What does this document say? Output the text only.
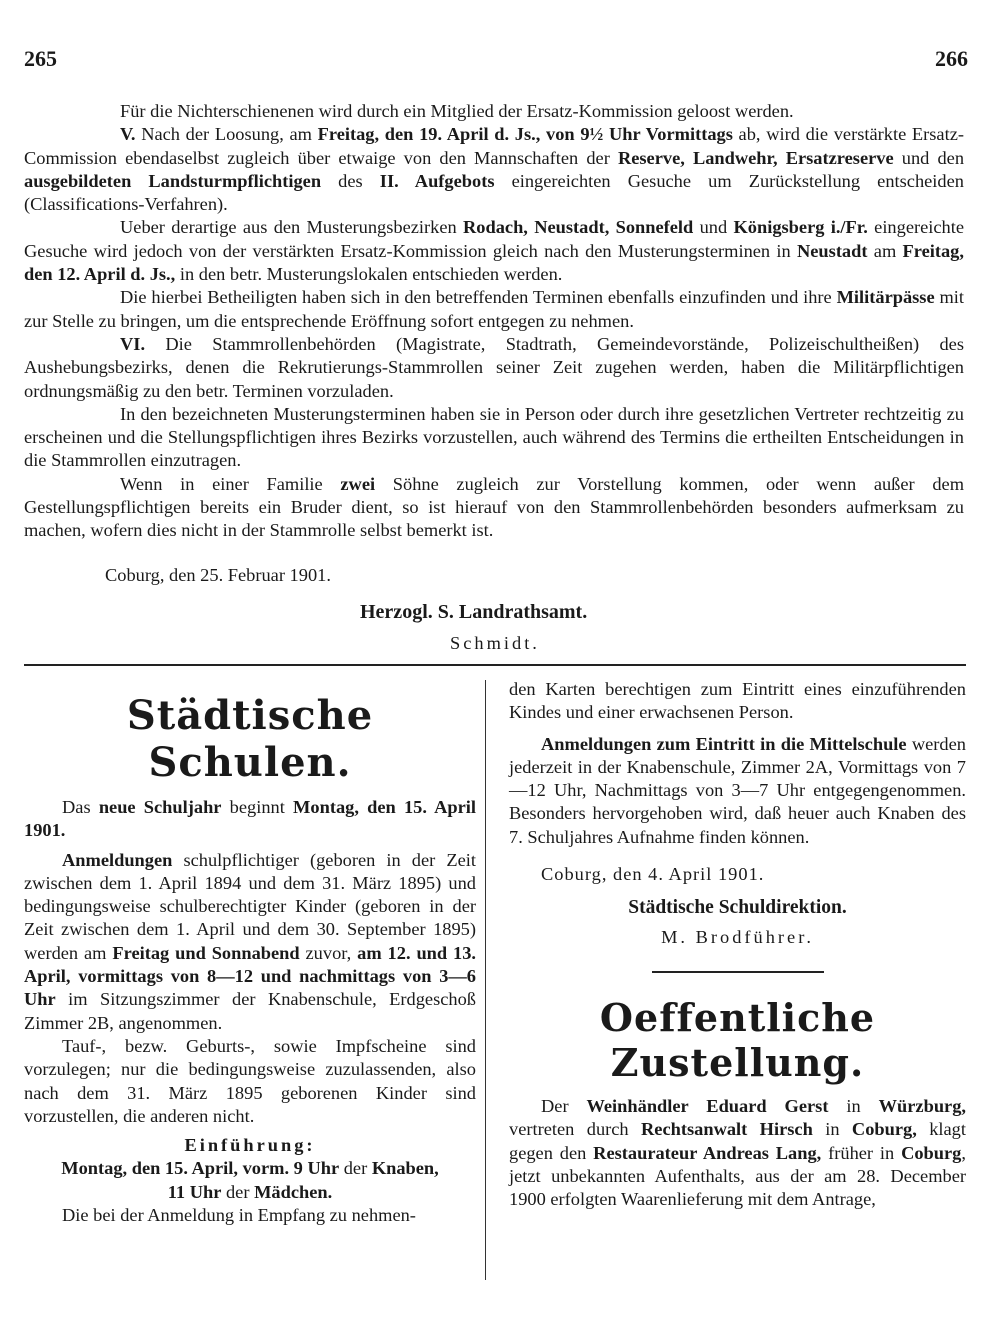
265	266

Für die Nichterschienenen wird durch ein Mitglied der Ersatz-Kommission geloost werden.

V. Nach der Loosung, am Freitag, den 19. April d. Js., von 9½ Uhr Vormittags ab, wird die verstärkte Ersatz-Commission ebendaselbst zugleich über etwaige von den Mannschaften der Reserve, Landwehr, Ersatzreserve und den ausgebildeten Landsturmpflichtigen des II. Aufgebots eingereichten Gesuche um Zurückstellung entscheiden (Classifications-Verfahren).

Ueber derartige aus den Musterungsbezirken Rodach, Neustadt, Sonnefeld und Königsberg i./Fr. eingereichte Gesuche wird jedoch von der verstärkten Ersatz-Kommission gleich nach den Musterungsterminen in Neustadt am Freitag, den 12. April d. Js., in den betr. Musterungslokalen entschieden werden.

Die hierbei Betheiligten haben sich in den betreffenden Terminen ebenfalls einzufinden und ihre Militärpässe mit zur Stelle zu bringen, um die entsprechende Eröffnung sofort entgegen zu nehmen.

VI. Die Stammrollenbehörden (Magistrate, Stadtrath, Gemeindevorstände, Polizeischultheißen) des Aushebungsbezirks, denen die Rekrutierungs-Stammrollen seiner Zeit zugehen werden, haben die Militärpflichtigen ordnungsmäßig zu den betr. Terminen vorzuladen.

In den bezeichneten Musterungsterminen haben sie in Person oder durch ihre gesetzlichen Vertreter rechtzeitig zu erscheinen und die Stellungspflichtigen ihres Bezirks vorzustellen, auch während des Termins die ertheilten Entscheidungen in die Stammrollen einzutragen.

Wenn in einer Familie zwei Söhne zugleich zur Vorstellung kommen, oder wenn außer dem Gestellungspflichtigen bereits ein Bruder dient, so ist hierauf von den Stammrollenbehörden besonders aufmerksam zu machen, wofern dies nicht in der Stammrolle selbst bemerkt ist.

Coburg, den 25. Februar 1901.
Herzogl. S. Landrathsamt.
Schmidt.
Städtische Schulen.

Das neue Schuljahr beginnt Montag, den 15. April 1901.

Anmeldungen schulpflichtiger (geboren in der Zeit zwischen dem 1. April 1894 und dem 31. März 1895) und bedingungsweise schulberechtigter Kinder (geboren in der Zeit zwischen dem 1. April und dem 30. September 1895) werden am Freitag und Sonnabend zuvor, am 12. und 13. April, vormittags von 8—12 und nachmittags von 3—6 Uhr im Sitzungszimmer der Knabenschule, Erdgeschoß Zimmer 2B, angenommen.

Tauf-, bezw. Geburts-, sowie Impfscheine sind vorzulegen; nur die bedingungsweise zuzulassenden, also nach dem 31. März 1895 geborenen Kinder sind vorzustellen, die anderen nicht.

Einführung:
Montag, den 15. April, vorm. 9 Uhr der Knaben,
11 Uhr der Mädchen.

Die bei der Anmeldung in Empfang zu nehmen-

den Karten berechtigen zum Eintritt eines einzuführenden Kindes und einer erwachsenen Person.

Anmeldungen zum Eintritt in die Mittelschule werden jederzeit in der Knabenschule, Zimmer 2A, Vormittags von 7—12 Uhr, Nachmittags von 3—7 Uhr entgegengenommen. Besonders hervorgehoben wird, daß heuer auch Knaben des 7. Schuljahres Aufnahme finden können.

Coburg, den 4. April 1901.
Städtische Schuldirektion.
M. Brodführer.
Oeffentliche Zustellung.

Der Weinhändler Eduard Gerst in Würzburg, vertreten durch Rechtsanwalt Hirsch in Coburg, klagt gegen den Restaurateur Andreas Lang, früher in Coburg, jetzt unbekannten Aufenthalts, aus der am 28. December 1900 erfolgten Waarenlieferung mit dem Antrage,
